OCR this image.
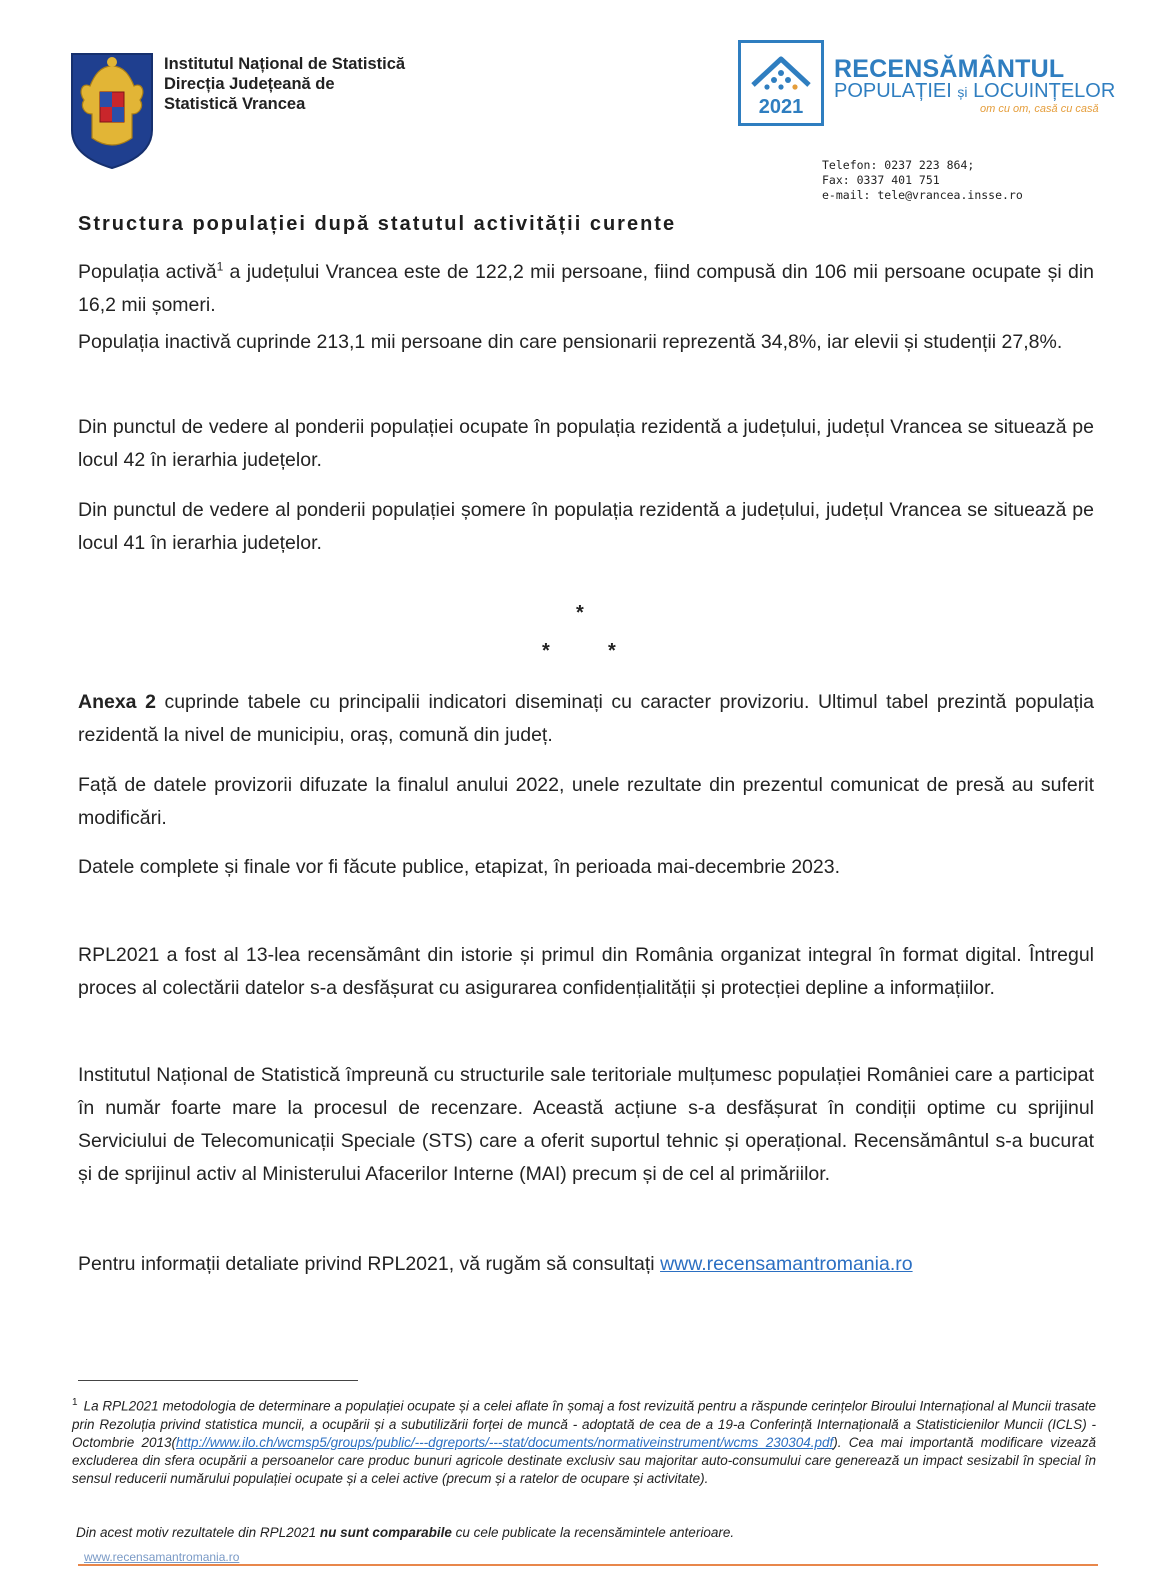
Institutul Național de Statistică
Direcția Județeană de
Statistică Vrancea	2021
RECENSĂMÂNTUL
POPULAȚIEI și LOCUINȚELOR
om cu om, casă cu casă
Telefon: 0237 223 864;
Fax: 0337 401 751
e-mail: tele@vrancea.insse.ro
Structura populației după statutul activității curente
Populația activă$^1$ a județului Vrancea este de 122,2 mii persoane, fiind compusă din 106 mii persoane ocupate și din 16,2 mii șomeri.
Populația inactivă cuprinde 213,1 mii persoane din care pensionarii reprezentă 34,8%, iar elevii și studenții 27,8%.
Din punctul de vedere al ponderii populației ocupate în populația rezidentă a județului, județul Vrancea se situează pe locul 42 în ierarhia județelor.
Din punctul de vedere al ponderii populației șomere în populația rezidentă a județului, județul Vrancea se situează pe locul 41 în ierarhia județelor.
*
*	*
Anexa 2 cuprinde tabele cu principalii indicatori diseminați cu caracter provizoriu. Ultimul tabel prezintă populația rezidentă la nivel de municipiu, oraș, comună din județ.
Față de datele provizorii difuzate la finalul anului 2022, unele rezultate din prezentul comunicat de presă au suferit modificări.
Datele complete și finale vor fi făcute publice, etapizat, în perioada mai-decembrie 2023.
RPL2021 a fost al 13-lea recensământ din istorie și primul din România organizat integral în format digital. Întregul proces al colectării datelor s-a desfășurat cu asigurarea confidențialității și protecției depline a informațiilor.
Institutul Național de Statistică împreună cu structurile sale teritoriale mulțumesc populației României care a participat în număr foarte mare la procesul de recenzare. Această acțiune s-a desfășurat în condiții optime cu sprijinul Serviciului de Telecomunicații Speciale (STS) care a oferit suportul tehnic și operațional. Recensământul s-a bucurat și de sprijinul activ al Ministerului Afacerilor Interne (MAI) precum și de cel al primăriilor.
Pentru informații detaliate privind RPL2021, vă rugăm să consultați www.recensamantromania.ro
$^1$ La RPL2021 metodologia de determinare a populației ocupate și a celei aflate în șomaj a fost revizuită pentru a răspunde cerințelor Biroului Internațional al Muncii trasate prin Rezoluția privind statistica muncii, a ocupării și a subutilizării forței de muncă - adoptată de cea de a 19-a Conferință Internațională a Statisticienilor Muncii (ICLS) - Octombrie 2013(http://www.ilo.ch/wcmsp5/groups/public/---dgreports/---stat/documents/normativeinstrument/wcms_230304.pdf). Cea mai importantă modificare vizează excluderea din sfera ocupării a persoanelor care produc bunuri agricole destinate exclusiv sau majoritar auto-consumului care generează un impact sesizabil în special în sensul reducerii numărului populației ocupate și a celei active (precum și a ratelor de ocupare și activitate).
Din acest motiv rezultatele din RPL2021 nu sunt comparabile cu cele publicate la recensămintele anterioare.
www.recensamantromania.ro
